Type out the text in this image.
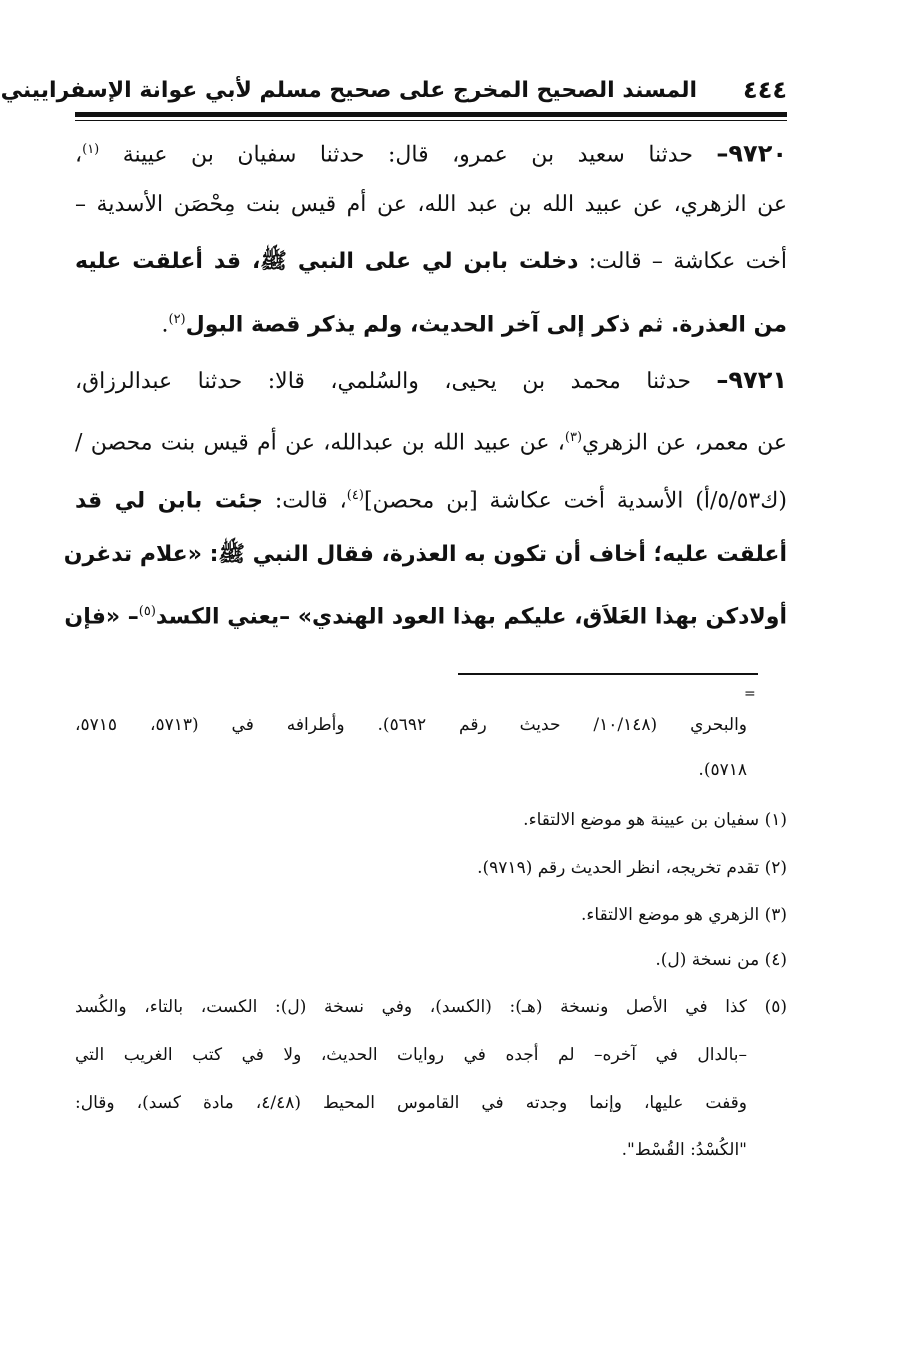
المسند الصحيح المخرج على صحيح مسلم لأبي عوانة الإسفراييني ٤٤٤
٩٧٢٠– حدثنا سعيد بن عمرو، قال: حدثنا سفيان بن عيينة $^{(١)}$،
عن الزهري، عن عبيد الله بن عبد الله، عن أم قيس بنت مِحْصَن الأسدية –
أخت عكاشة – قالت: دخلت بابن لي على النبي ﷺ، قد أعلقت عليه
من العذرة. ثم ذكر إلى آخر الحديث، ولم يذكر قصة البول$^{(٢)}$.
٩٧٢١– حدثنا محمد بن يحيى، والسُلمي، قالا: حدثنا عبدالرزاق،
عن معمر، عن الزهري$^{(٣)}$، عن عبيد الله بن عبدالله، عن أم قيس بنت محصن /
(ك٥/٥٣/أ) الأسدية أخت عكاشة [بن محصن]$^{(٤)}$، قالت: جئت بابن لي قد
أعلقت عليه؛ أخاف أن تكون به العذرة، فقال النبي ﷺ: «علام تدغرن
أولادكن بهذا العَلاَق، عليكم بهذا العود الهندي» –يعني الكسد$^{(٥)}$– «فإن
=
والبحري (١٠/١٤٨/ حديث رقم ٥٦٩٢). وأطرافه في (٥٧١٣، ٥٧١٥،
٥٧١٨).
(١) سفيان بن عيينة هو موضع الالتقاء.
(٢) تقدم تخريجه، انظر الحديث رقم (٩٧١٩).
(٣) الزهري هو موضع الالتقاء.
(٤) من نسخة (ل).
(٥) كذا في الأصل ونسخة (هـ): (الكسد)، وفي نسخة (ل): الكست، بالتاء، والكُسد
–بالدال في آخره– لم أجده في روايات الحديث، ولا في كتب الغريب التي
وقفت عليها، وإنما وجدته في القاموس المحيط (٤/٤٨، مادة كسد)، وقال:
"الكُسْدُ: القُسْط".
